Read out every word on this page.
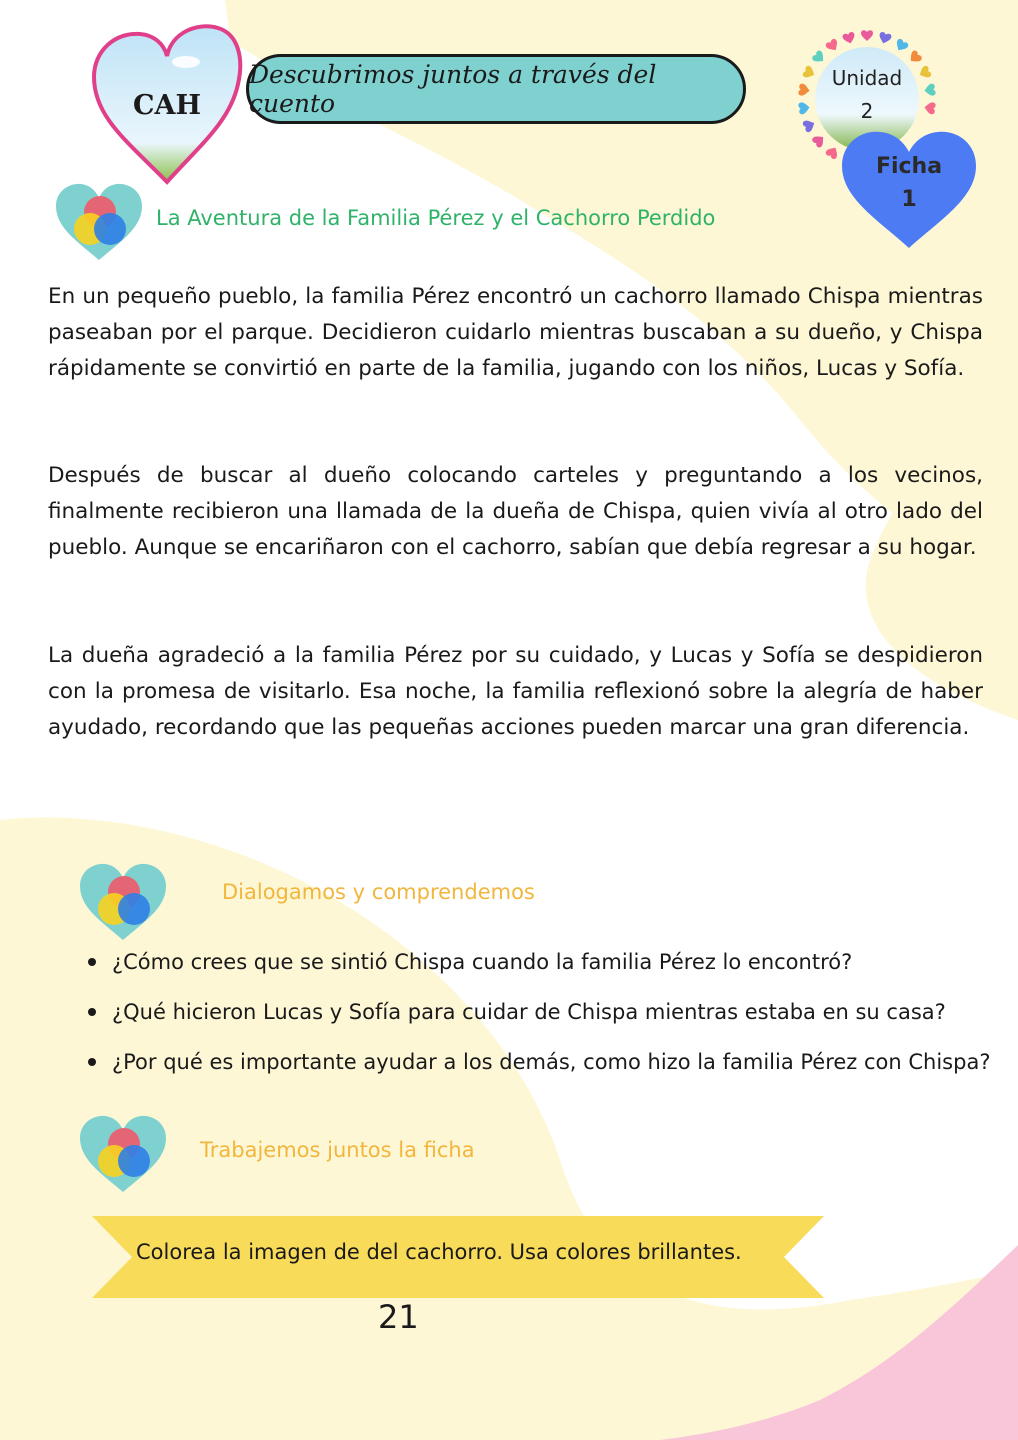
CAH
Descubrimos juntos a través del cuento
Unidad
2
Ficha
1
La Aventura de la Familia Pérez y el Cachorro Perdido
En un pequeño pueblo, la familia Pérez encontró un cachorro llamado Chispa mientras paseaban por el parque. Decidieron cuidarlo mientras buscaban a su dueño, y Chispa rápidamente se convirtió en parte de la familia, jugando con los niños, Lucas y Sofía.
Después de buscar al dueño colocando carteles y preguntando a los vecinos, finalmente recibieron una llamada de la dueña de Chispa, quien vivía al otro lado del pueblo. Aunque se encariñaron con el cachorro, sabían que debía regresar a su hogar.
La dueña agradeció a la familia Pérez por su cuidado, y Lucas y Sofía se despidieron con la promesa de visitarlo. Esa noche, la familia reflexionó sobre la alegría de haber ayudado, recordando que las pequeñas acciones pueden marcar una gran diferencia.
Dialogamos y comprendemos
¿Cómo crees que se sintió Chispa cuando la familia Pérez lo encontró?
¿Qué hicieron Lucas y Sofía para cuidar de Chispa mientras estaba en su casa?
¿Por qué es importante ayudar a los demás, como hizo la familia Pérez con Chispa?
Trabajemos juntos la ficha
Colorea la imagen de del cachorro. Usa colores brillantes.
21
